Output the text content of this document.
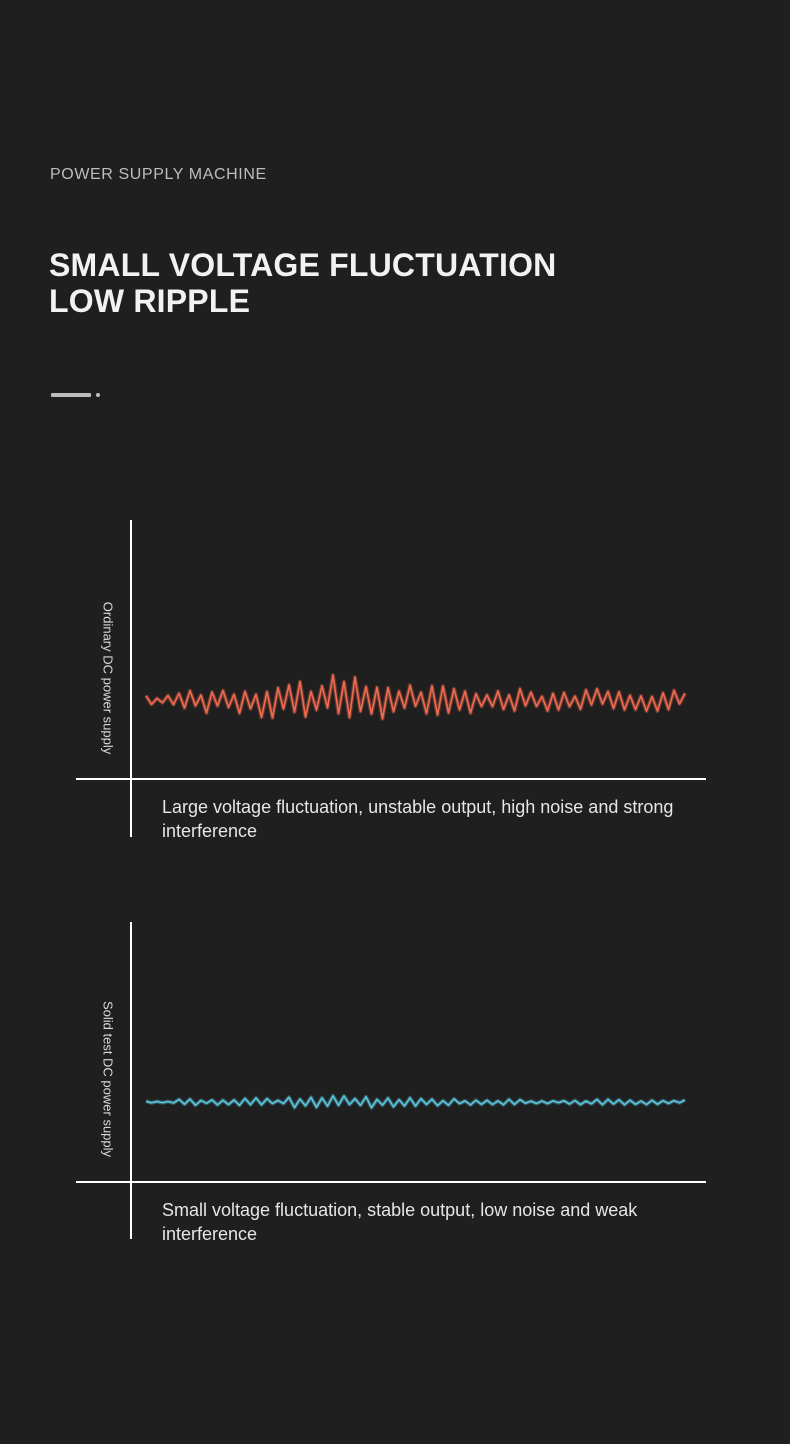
POWER SUPPLY MACHINE
SMALL VOLTAGE FLUCTUATION
LOW RIPPLE
Ordinary DC power supply
Large voltage fluctuation, unstable output, high noise and strong interference
Solid test DC power supply
Small voltage fluctuation, stable output, low noise and weak interference
